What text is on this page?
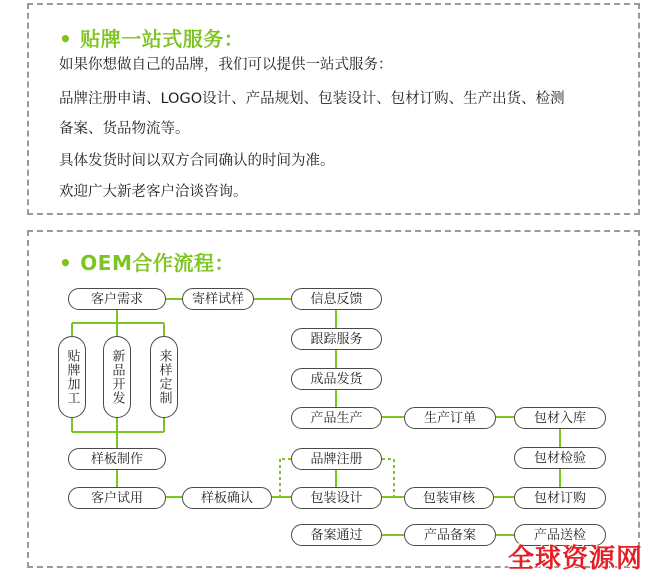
• 贴牌一站式服务：
如果你想做自己的品牌，我们可以提供一站式服务：
品牌注册申请、LOGO设计、产品规划、包装设计、包材订购、生产出货、检测
备案、货品物流等。
具体发货时间以双方合同确认的时间为准。
欢迎广大新老客户洽谈咨询。
• OEM合作流程：
客户需求	寄样试样	信息反馈
跟踪服务
成品发货
产品生产	生产订单	包材入库
包材检验
品牌注册
样板制作
客户试用	样板确认	包装设计	包装审核	包材订购
备案通过	产品备案	产品送检
贴牌加工 新品开发 来样定制
全球资源网
